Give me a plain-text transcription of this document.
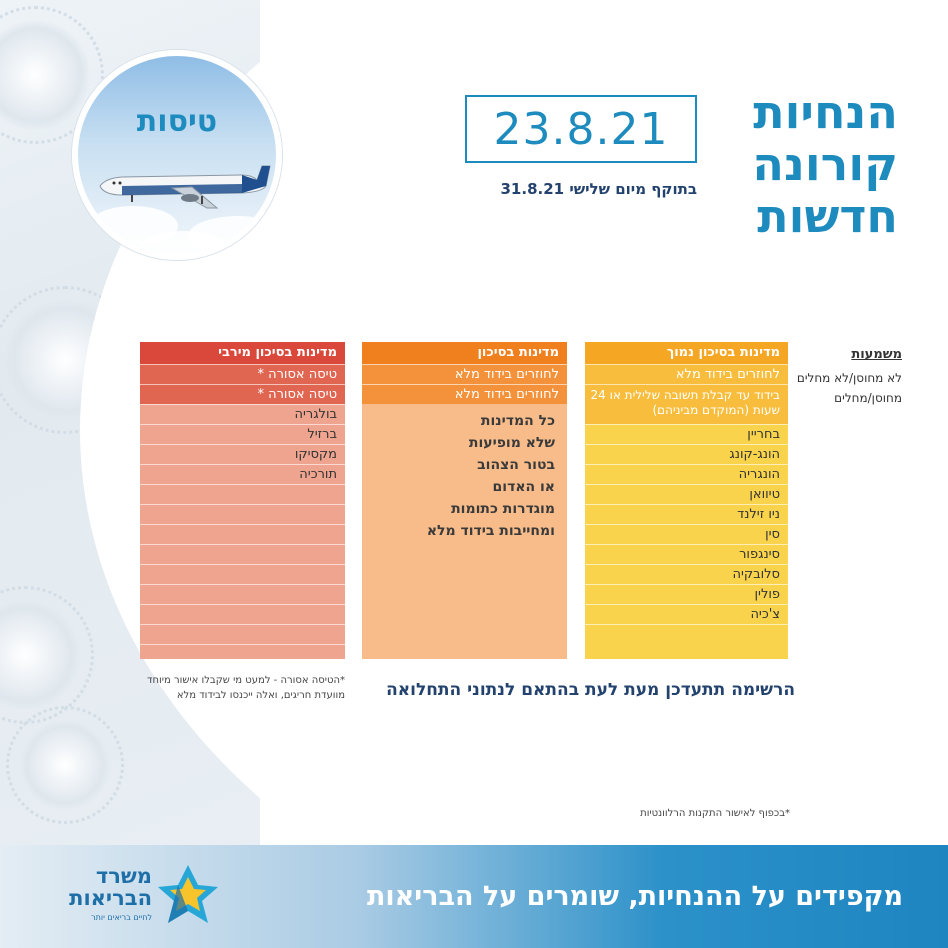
טיסות	הנחיות
קורונה
חדשות
23.8.21
בתוקף מיום שלישי 31.8.21
משמעות
לא מחוסן/לא מחלים
מחוסן/מחלים
מדינות בסיכון נמוך
לחוזרים בידוד מלא
בידוד עד קבלת תשובה שלילית או 24 שעות (המוקדם מביניהם)
בחריין
הונג-קונג
הונגריה
טיוואן
ניו זילנד
סין
סינגפור
סלובקיה
פולין
צ'כיה
מדינות בסיכון
לחוזרים בידוד מלא
לחוזרים בידוד מלא
כל המדינות
שלא מופיעות
בטור הצהוב
או האדום
מוגדרות כתומות
ומחייבות בידוד מלא
מדינות בסיכון מירבי
טיסה אסורה *
טיסה אסורה *
בולגריה
ברזיל
מקסיקו
תורכיה
*הטיסה אסורה - למעט מי שקבלו אישור מיוחד מוועדת חריגים, ואלה ייכנסו לבידוד מלא	הרשימה תתעדכן מעת לעת בהתאם לנתוני התחלואה
*בכפוף לאישור התקנות הרלוונטיות
מקפידים על ההנחיות, שומרים על הבריאות
משרד
הבריאות
לחיים בריאים יותר
